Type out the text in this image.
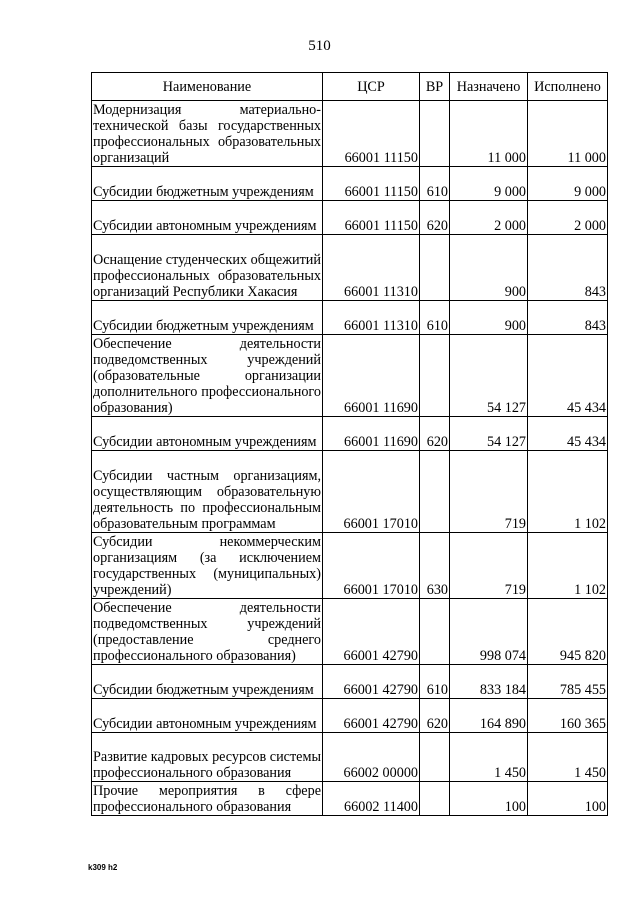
510
Наименование	ЦСР	ВР	Назначено	Исполнено
Модернизация материально-технической базы государственных профессиональных образовательных организаций	66001 11150		11 000	11 000
Субсидии бюджетным учреждениям	66001 11150	610	9 000	9 000
Субсидии автономным учреждениям	66001 11150	620	2 000	2 000
Оснащение студенческих общежитий профессиональных образовательных организаций Республики Хакасия	66001 11310		900	843
Субсидии бюджетным учреждениям	66001 11310	610	900	843
Обеспечение деятельности подведомственных учреждений (образовательные организации дополнительного профессионального образования)	66001 11690		54 127	45 434
Субсидии автономным учреждениям	66001 11690	620	54 127	45 434
Субсидии частным организациям, осуществляющим образовательную деятельность по профессиональным образовательным программам	66001 17010		719	1 102
Субсидии некоммерческим организациям (за исключением государственных (муниципальных) учреждений)	66001 17010	630	719	1 102
Обеспечение деятельности подведомственных учреждений (предоставление среднего профессионального образования)	66001 42790		998 074	945 820
Субсидии бюджетным учреждениям	66001 42790	610	833 184	785 455
Субсидии автономным учреждениям	66001 42790	620	164 890	160 365
Развитие кадровых ресурсов системы профессионального образования	66002 00000		1 450	1 450
Прочие мероприятия в сфере профессионального образования	66002 11400		100	100
k309 h2
